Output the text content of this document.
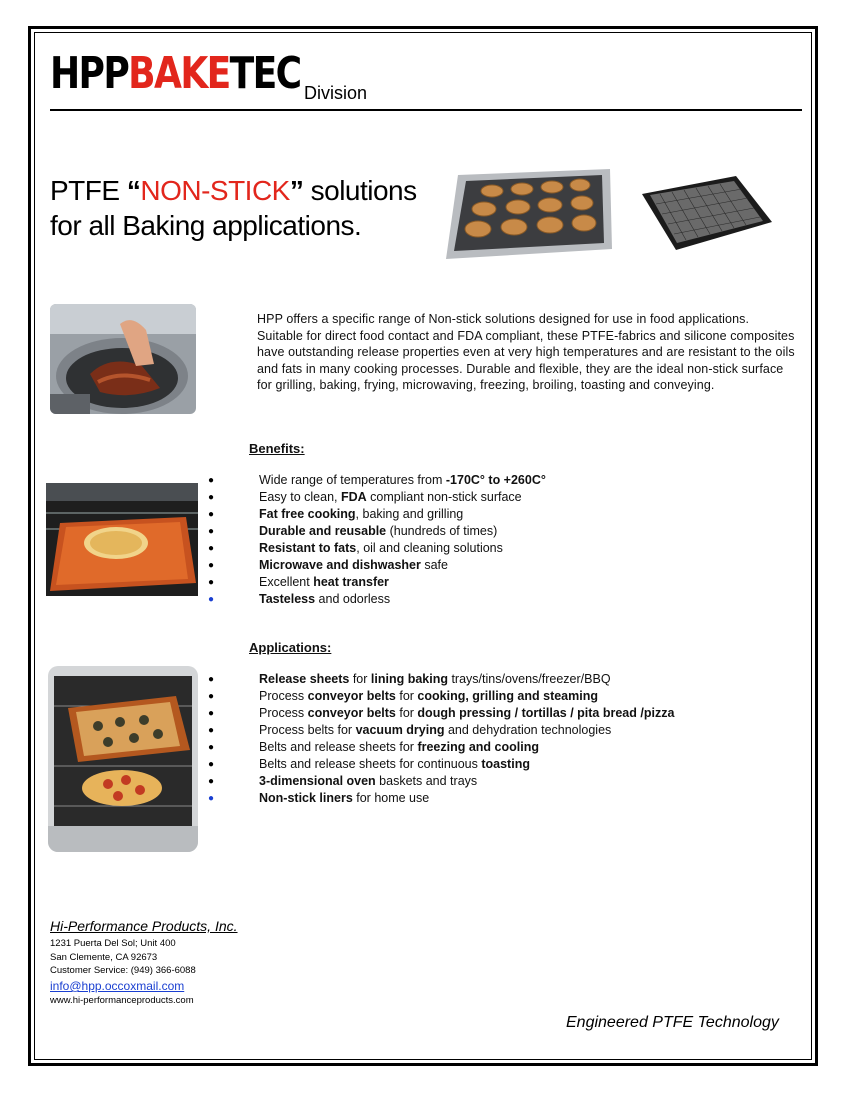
HPPBAKETEC Division
PTFE “NON-STICK” solutions
for all Baking applications.
HPP offers a specific range of Non-stick solutions designed for use in food applications. Suitable for direct food contact and FDA compliant, these PTFE-fabrics and silicone composites have outstanding release properties even at very high temperatures and are resistant to the oils and fats in many cooking processes. Durable and flexible, they are the ideal non-stick surface for grilling, baking, frying, microwaving, freezing, broiling, toasting and conveying.
Benefits:
●	Wide range of temperatures from -170C° to +260C°
●	Easy to clean, FDA compliant non-stick surface
●	Fat free cooking, baking and grilling
●	Durable and reusable (hundreds of times)
●	Resistant to fats, oil and cleaning solutions
●	Microwave and dishwasher safe
●	Excellent heat transfer
●	Tasteless and odorless
Applications:
●	Release sheets for lining baking trays/tins/ovens/freezer/BBQ
●	Process conveyor belts for cooking, grilling and steaming
●	Process conveyor belts for dough pressing / tortillas / pita bread /pizza
●	Process belts for vacuum drying and dehydration technologies
●	Belts and release sheets for freezing and cooling
●	Belts and release sheets for continuous toasting
●	3-dimensional oven baskets and trays
●	Non-stick liners for home use
Hi-Performance Products, Inc.
1231 Puerta Del Sol; Unit 400
San Clemente, CA 92673
Customer Service: (949) 366-6088
info@hpp.occoxmail.com
www.hi-performanceproducts.com
Engineered PTFE Technology
